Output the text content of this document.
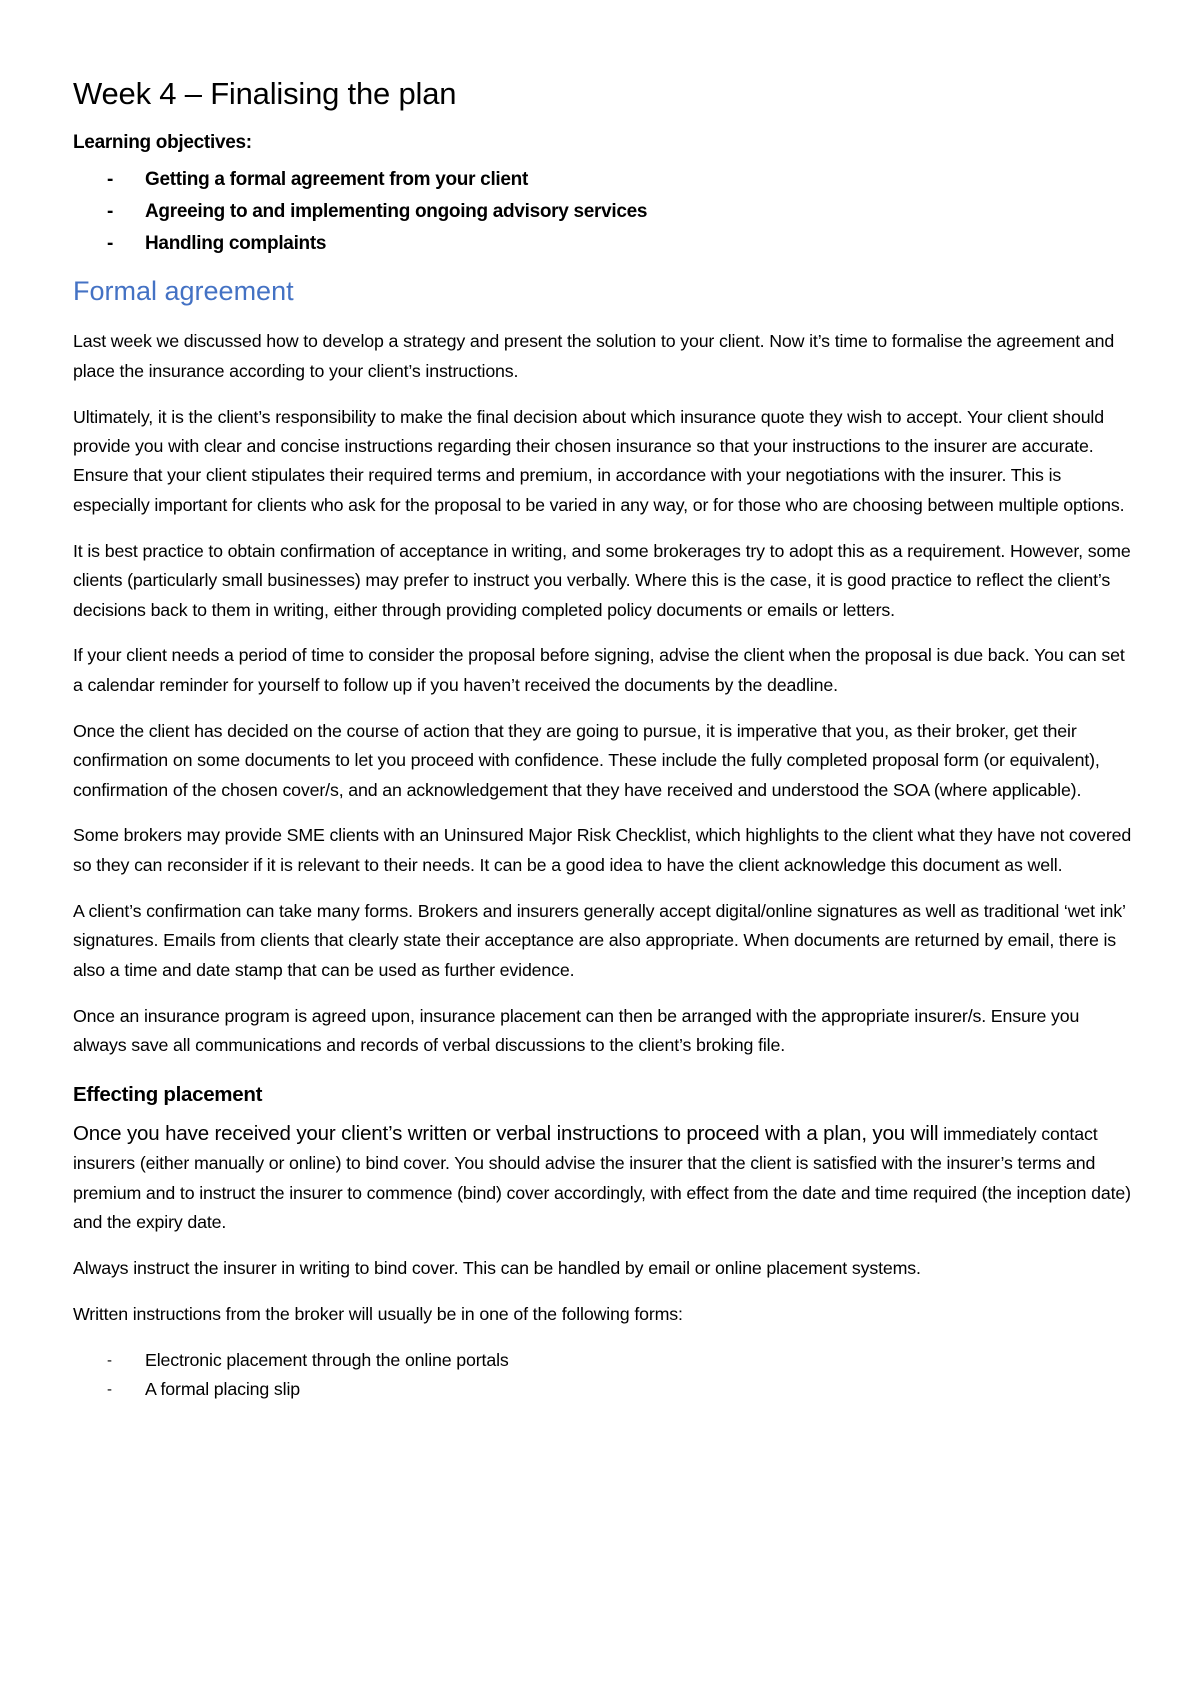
Week 4 – Finalising the plan
Learning objectives:
- Getting a formal agreement from your client
- Agreeing to and implementing ongoing advisory services
- Handling complaints
Formal agreement

Last week we discussed how to develop a strategy and present the solution to your client. Now it’s time to formalise the agreement and place the insurance according to your client’s instructions.

Ultimately, it is the client’s responsibility to make the final decision about which insurance quote they wish to accept. Your client should provide you with clear and concise instructions regarding their chosen insurance so that your instructions to the insurer are accurate. Ensure that your client stipulates their required terms and premium, in accordance with your negotiations with the insurer. This is especially important for clients who ask for the proposal to be varied in any way, or for those who are choosing between multiple options.

It is best practice to obtain confirmation of acceptance in writing, and some brokerages try to adopt this as a requirement. However, some clients (particularly small businesses) may prefer to instruct you verbally. Where this is the case, it is good practice to reflect the client’s decisions back to them in writing, either through providing completed policy documents or emails or letters.

If your client needs a period of time to consider the proposal before signing, advise the client when the proposal is due back. You can set a calendar reminder for yourself to follow up if you haven’t received the documents by the deadline.

Once the client has decided on the course of action that they are going to pursue, it is imperative that you, as their broker, get their confirmation on some documents to let you proceed with confidence. These include the fully completed proposal form (or equivalent), confirmation of the chosen cover/s, and an acknowledgement that they have received and understood the SOA (where applicable).

Some brokers may provide SME clients with an Uninsured Major Risk Checklist, which highlights to the client what they have not covered so they can reconsider if it is relevant to their needs. It can be a good idea to have the client acknowledge this document as well.

A client’s confirmation can take many forms. Brokers and insurers generally accept digital/online signatures as well as traditional ‘wet ink’ signatures. Emails from clients that clearly state their acceptance are also appropriate. When documents are returned by email, there is also a time and date stamp that can be used as further evidence.

Once an insurance program is agreed upon, insurance placement can then be arranged with the appropriate insurer/s. Ensure you always save all communications and records of verbal discussions to the client’s broking file.

Effecting placement

Once you have received your client’s written or verbal instructions to proceed with a plan, you will immediately contact insurers (either manually or online) to bind cover. You should advise the insurer that the client is satisfied with the insurer’s terms and premium and to instruct the insurer to commence (bind) cover accordingly, with effect from the date and time required (the inception date) and the expiry date.

Always instruct the insurer in writing to bind cover. This can be handled by email or online placement systems.

Written instructions from the broker will usually be in one of the following forms:

- Electronic placement through the online portals
- A formal placing slip
